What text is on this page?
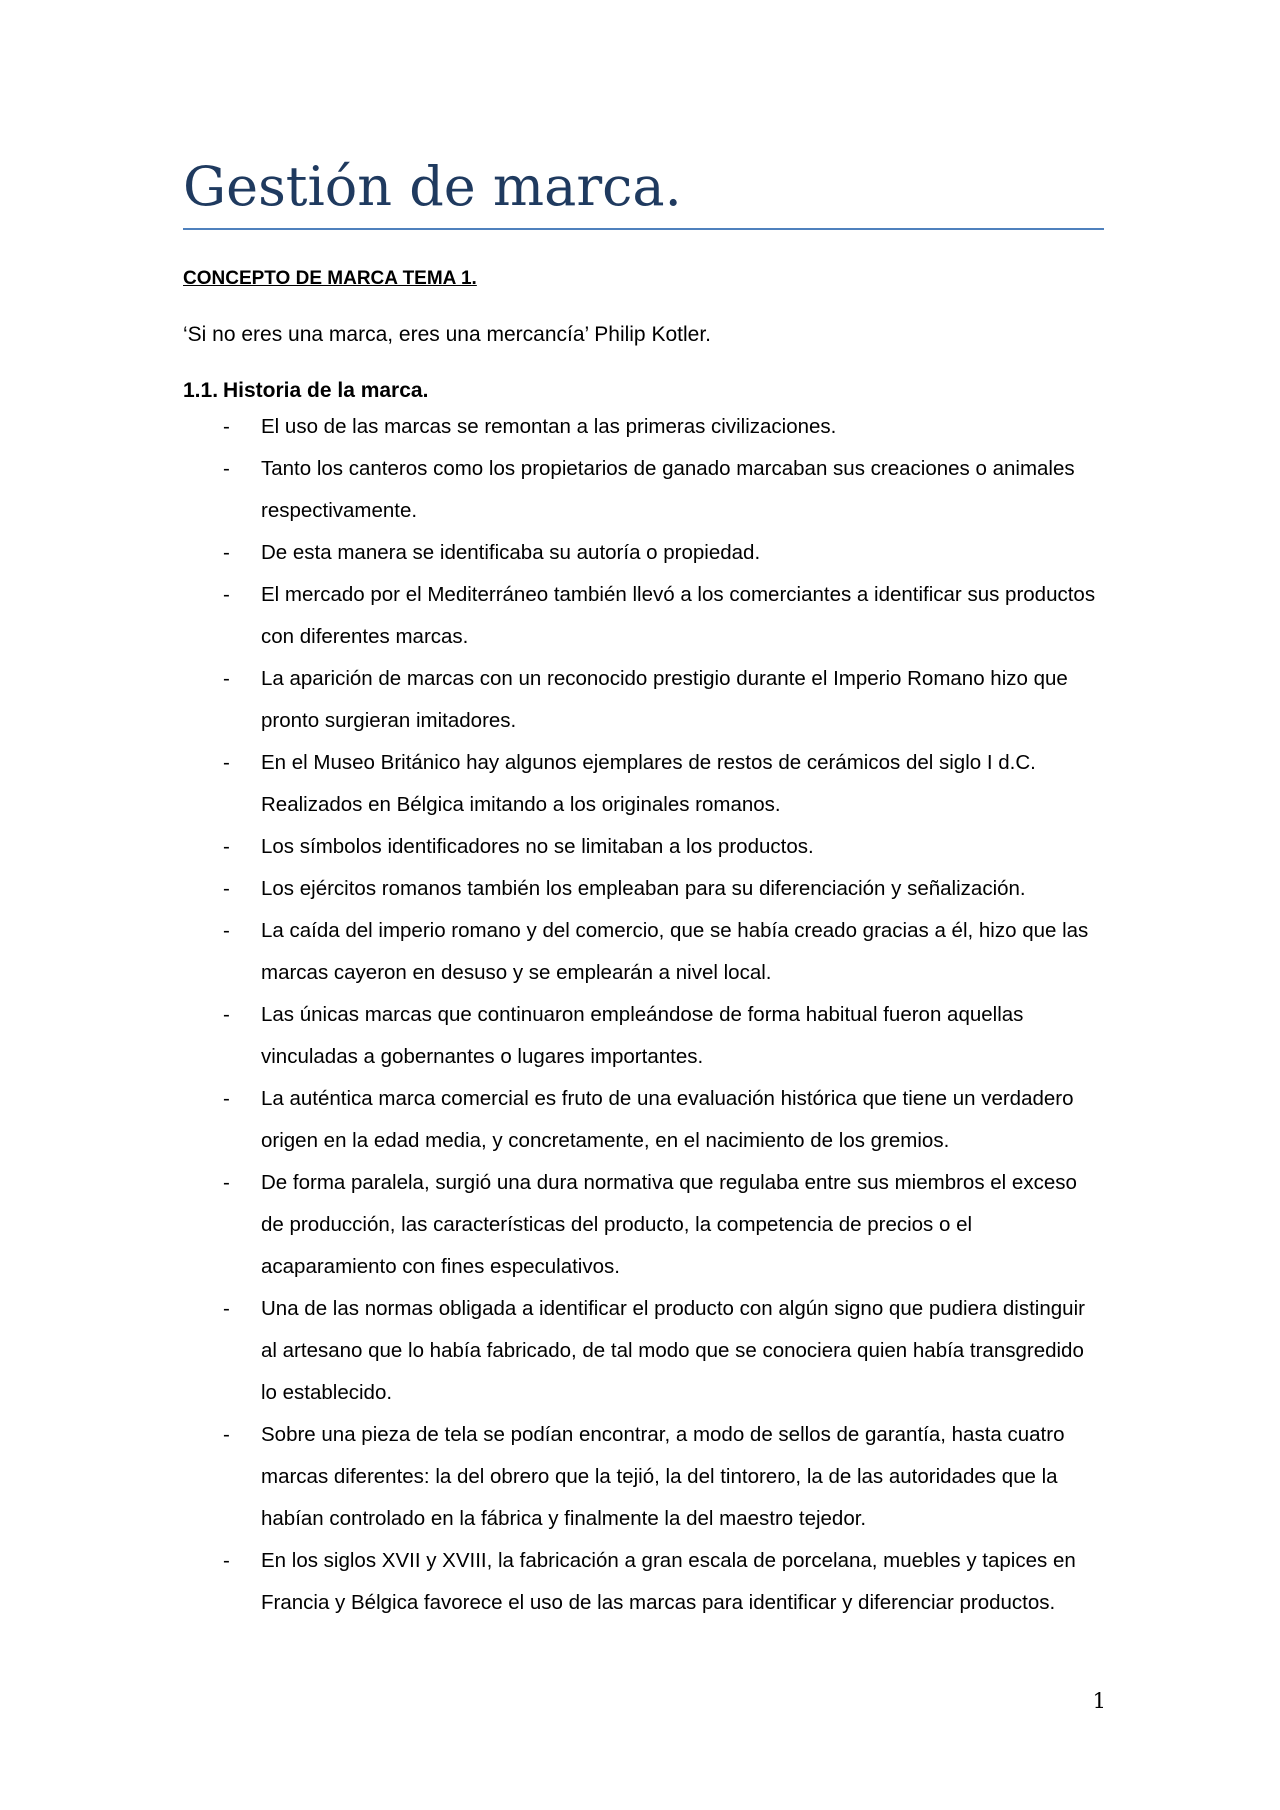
Gestión de marca.

CONCEPTO DE MARCA TEMA 1.

‘Si no eres una marca, eres una mercancía’ Philip Kotler.

1.1. Historia de la marca.

- El uso de las marcas se remontan a las primeras civilizaciones.
- Tanto los canteros como los propietarios de ganado marcaban sus creaciones o animales respectivamente.
- De esta manera se identificaba su autoría o propiedad.
- El mercado por el Mediterráneo también llevó a los comerciantes a identificar sus productos con diferentes marcas.
- La aparición de marcas con un reconocido prestigio durante el Imperio Romano hizo que pronto surgieran imitadores.
- En el Museo Británico hay algunos ejemplares de restos de cerámicos del siglo I d.C. Realizados en Bélgica imitando a los originales romanos.
- Los símbolos identificadores no se limitaban a los productos.
- Los ejércitos romanos también los empleaban para su diferenciación y señalización.
- La caída del imperio romano y del comercio, que se había creado gracias a él, hizo que las marcas cayeron en desuso y se emplearán a nivel local.
- Las únicas marcas que continuaron empleándose de forma habitual fueron aquellas vinculadas a gobernantes o lugares importantes.
- La auténtica marca comercial es fruto de una evaluación histórica que tiene un verdadero origen en la edad media, y concretamente, en el nacimiento de los gremios.
- De forma paralela, surgió una dura normativa que regulaba entre sus miembros el exceso de producción, las características del producto, la competencia de precios o el acaparamiento con fines especulativos.
- Una de las normas obligada a identificar el producto con algún signo que pudiera distinguir al artesano que lo había fabricado, de tal modo que se conociera quien había transgredido lo establecido.
- Sobre una pieza de tela se podían encontrar, a modo de sellos de garantía, hasta cuatro marcas diferentes: la del obrero que la tejió, la del tintorero, la de las autoridades que la habían controlado en la fábrica y finalmente la del maestro tejedor.
- En los siglos XVII y XVIII, la fabricación a gran escala de porcelana, muebles y tapices en Francia y Bélgica favorece el uso de las marcas para identificar y diferenciar productos.

1
